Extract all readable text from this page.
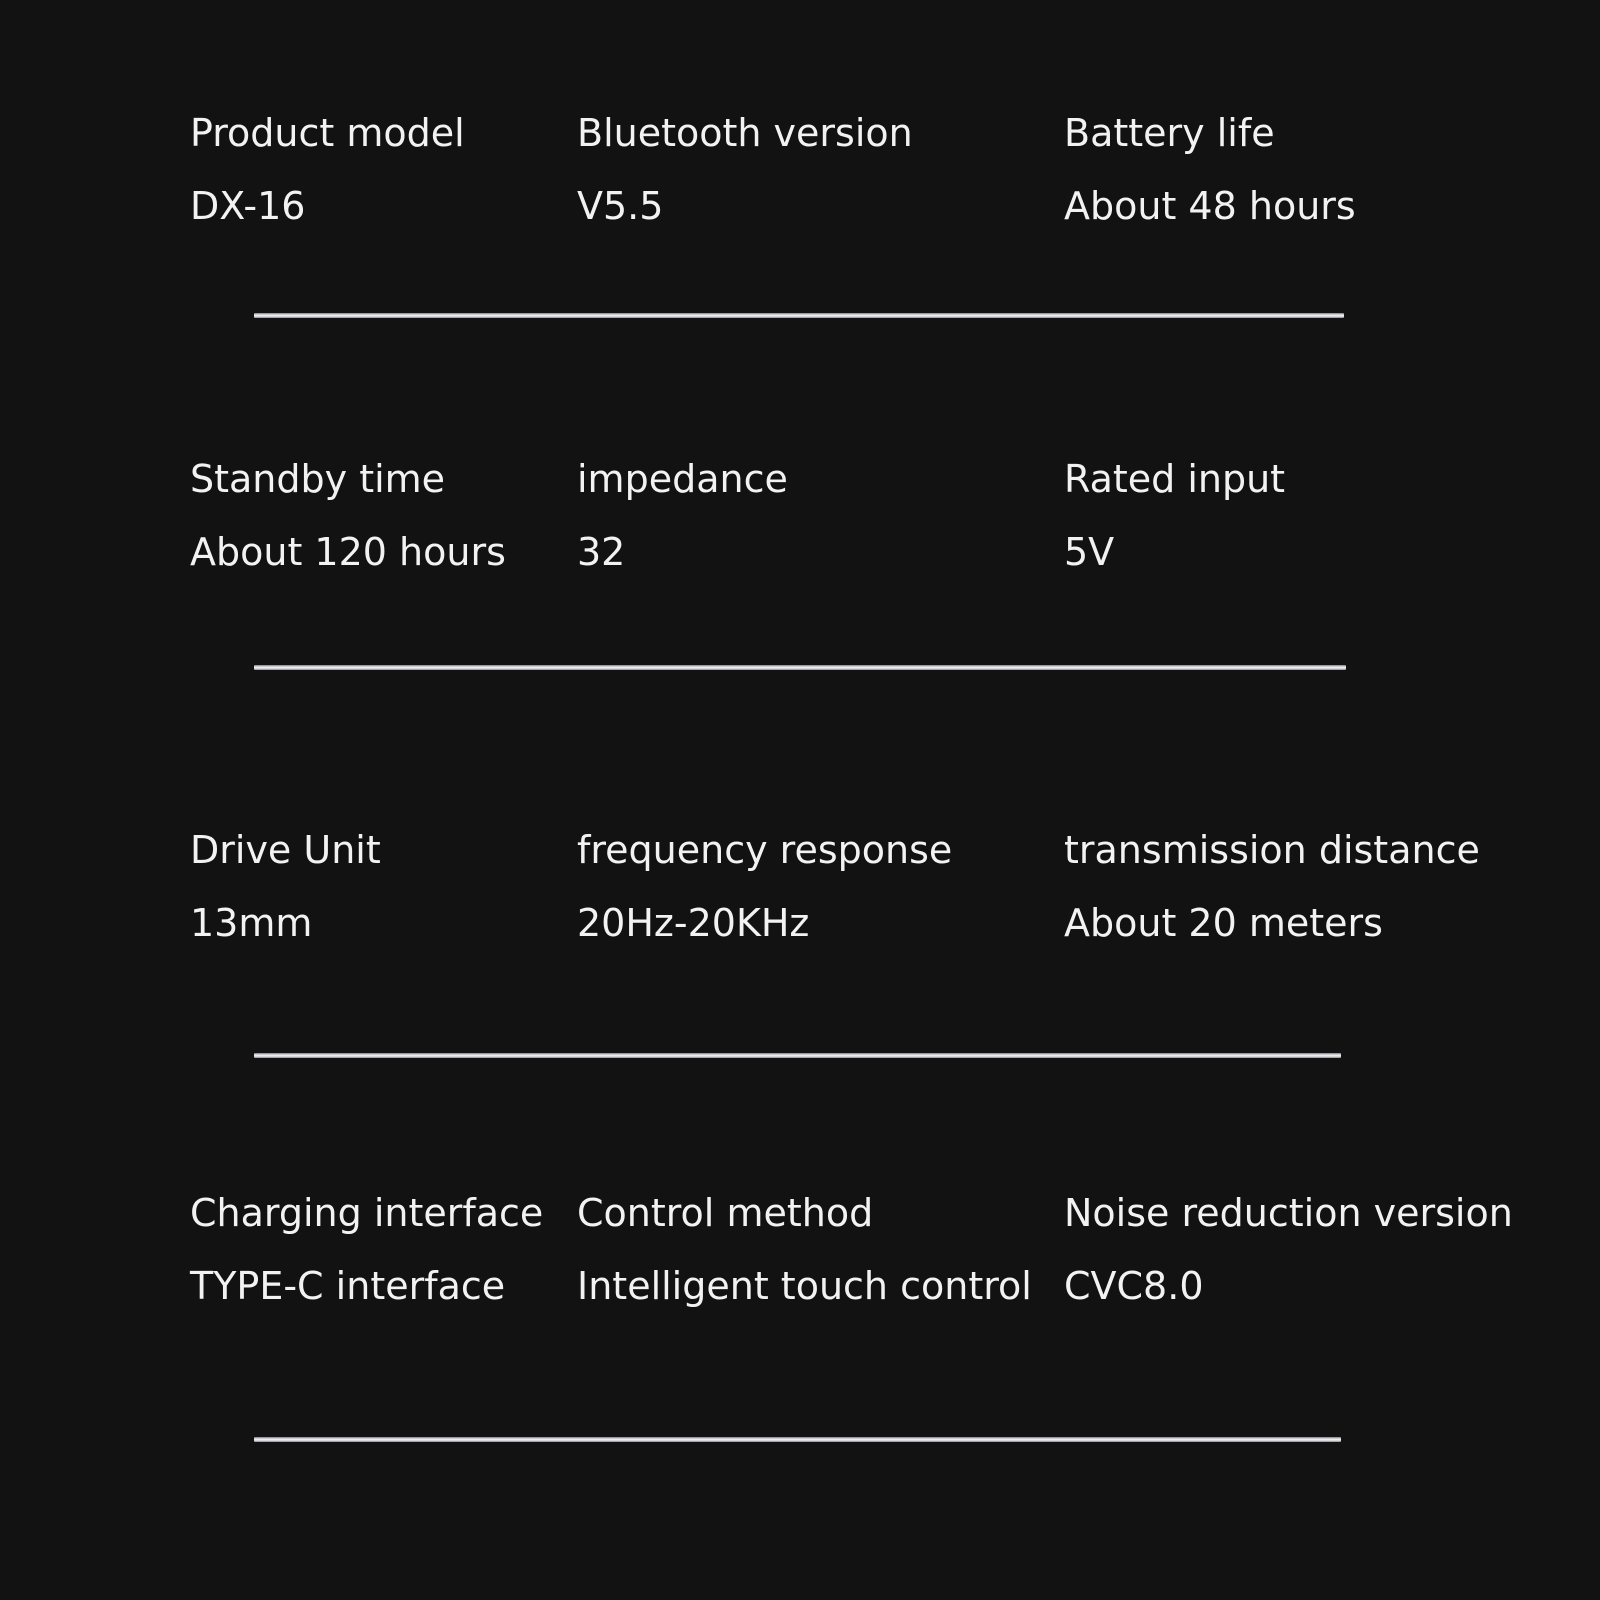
Product model
DX-16
Bluetooth version
V5.5
Battery life
About 48 hours
Standby time
About 120 hours
impedance
32
Rated input
5V
Drive Unit
13mm
frequency response
20Hz-20KHz
transmission distance
About 20 meters
Charging interface
TYPE-C interface
Control method
Intelligent touch control
Noise reduction version
CVC8.0
